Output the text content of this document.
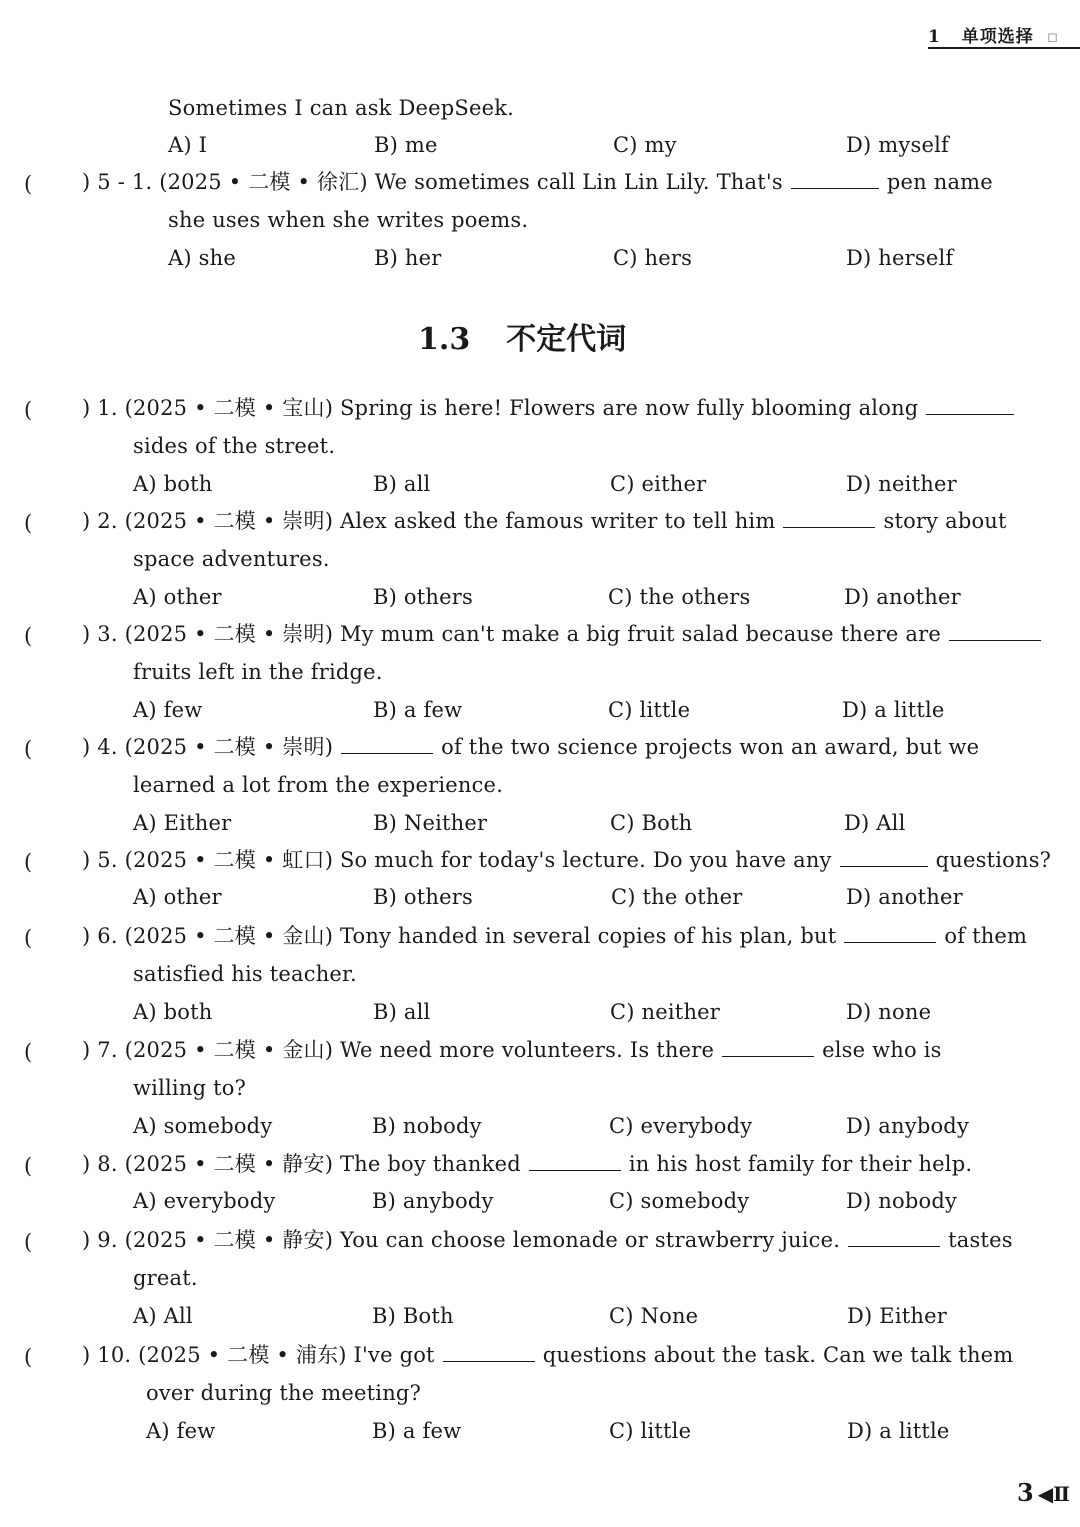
1 单项选择 ▫
Sometimes I can ask DeepSeek.
A) I	B) me	C) my	D) myself
( ) 5 - 1. (2025 • 二模 • 徐汇) We sometimes call Lin Lin Lily. That's	pen name
she uses when she writes poems.
A) she	B) her	C) hers	D) herself
1.3 不定代词
( ) 1. (2025 • 二模 • 宝山) Spring is here! Flowers are now fully blooming along
sides of the street.
A) both	B) all	C) either	D) neither
( ) 2. (2025 • 二模 • 崇明) Alex asked the famous writer to tell him	story about
space adventures.
A) other	B) others	C) the others	D) another
( ) 3. (2025 • 二模 • 崇明) My mum can't make a big fruit salad because there are
fruits left in the fridge.
A) few	B) a few	C) little	D) a little
( ) 4. (2025 • 二模 • 崇明)	of the two science projects won an award, but we
learned a lot from the experience.
A) Either	B) Neither	C) Both	D) All
( ) 5. (2025 • 二模 • 虹口) So much for today's lecture. Do you have any	questions?
A) other	B) others	C) the other	D) another
( ) 6. (2025 • 二模 • 金山) Tony handed in several copies of his plan, but	of them
satisfied his teacher.
A) both	B) all	C) neither	D) none
( ) 7. (2025 • 二模 • 金山) We need more volunteers. Is there	else who is
willing to?
A) somebody	B) nobody	C) everybody	D) anybody
( ) 8. (2025 • 二模 • 静安) The boy thanked	in his host family for their help.
A) everybody	B) anybody	C) somebody	D) nobody
( ) 9. (2025 • 二模 • 静安) You can choose lemonade or strawberry juice.	tastes
great.
A) All	B) Both	C) None	D) Either
( ) 10. (2025 • 二模 • 浦东) I've got	questions about the task. Can we talk them
over during the meeting?
A) few	B) a few	C) little	D) a little
3 ◀Ⅱ
